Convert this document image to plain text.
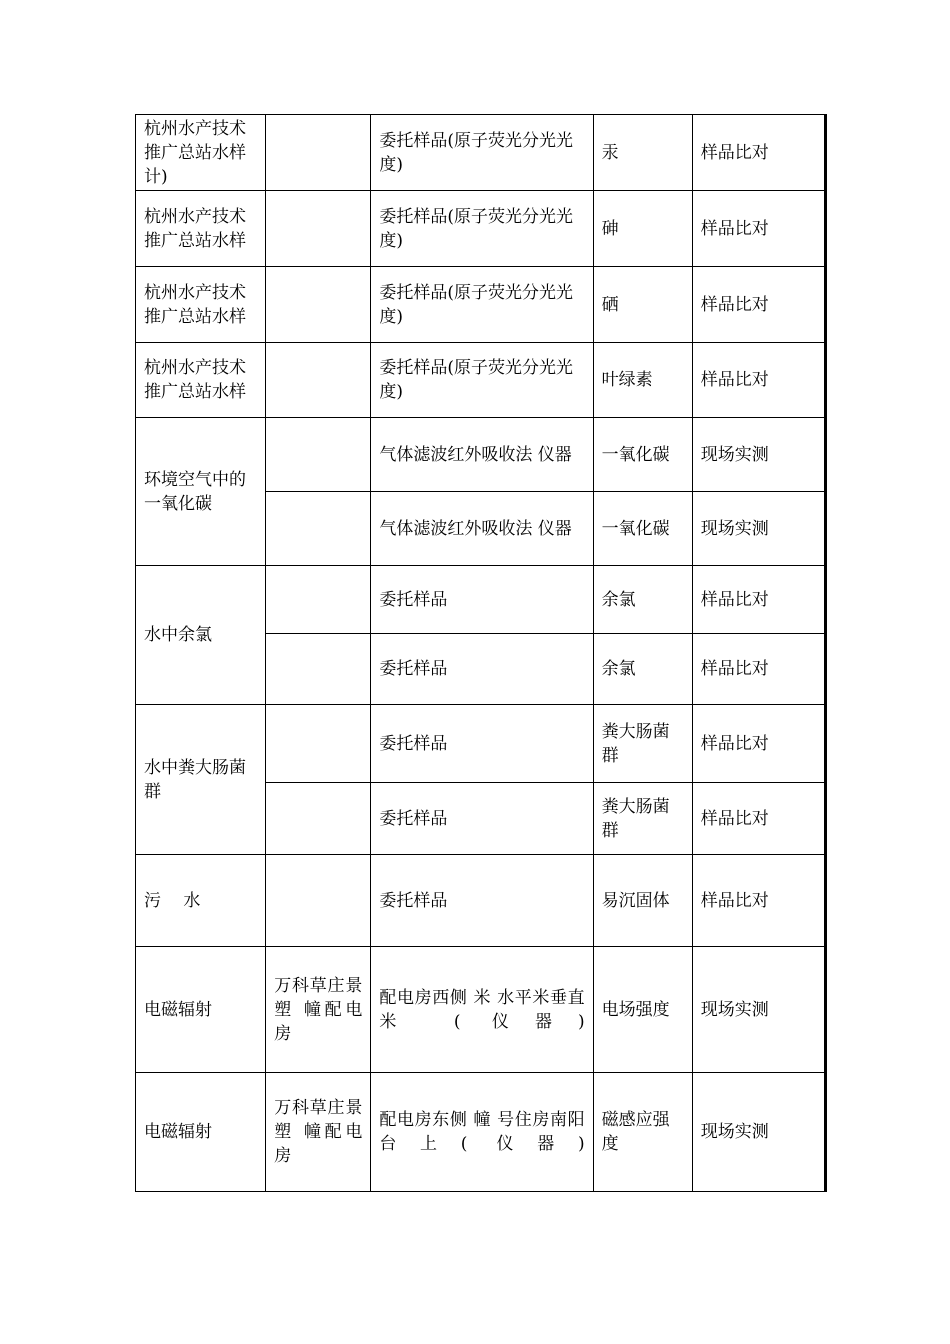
杭州水产技术推广总站水样计)		委托样品(原子荧光分光光度)	汞	样品比对
杭州水产技术推广总站水样		委托样品(原子荧光分光光度)	砷	样品比对
杭州水产技术推广总站水样		委托样品(原子荧光分光光度)	硒	样品比对
杭州水产技术推广总站水样		委托样品(原子荧光分光光度)	叶绿素	样品比对
环境空气中的一氧化碳		气体滤波红外吸收法 仪器	一氧化碳	现场实测
		气体滤波红外吸收法 仪器	一氧化碳	现场实测
水中余氯		委托样品	余氯	样品比对
		委托样品	余氯	样品比对
水中粪大肠菌群		委托样品	粪大肠菌群	样品比对
		委托样品	粪大肠菌群	样品比对
污 水		委托样品	易沉固体	样品比对
电磁辐射	万科草庄景塑 幢配电房	配电房西侧 米 水平米垂直 米 ( 仪器)	电场强度	现场实测
电磁辐射	万科草庄景塑 幢配电房	配电房东侧 幢 号住房南阳台上( 仪器)	磁感应强度	现场实测
